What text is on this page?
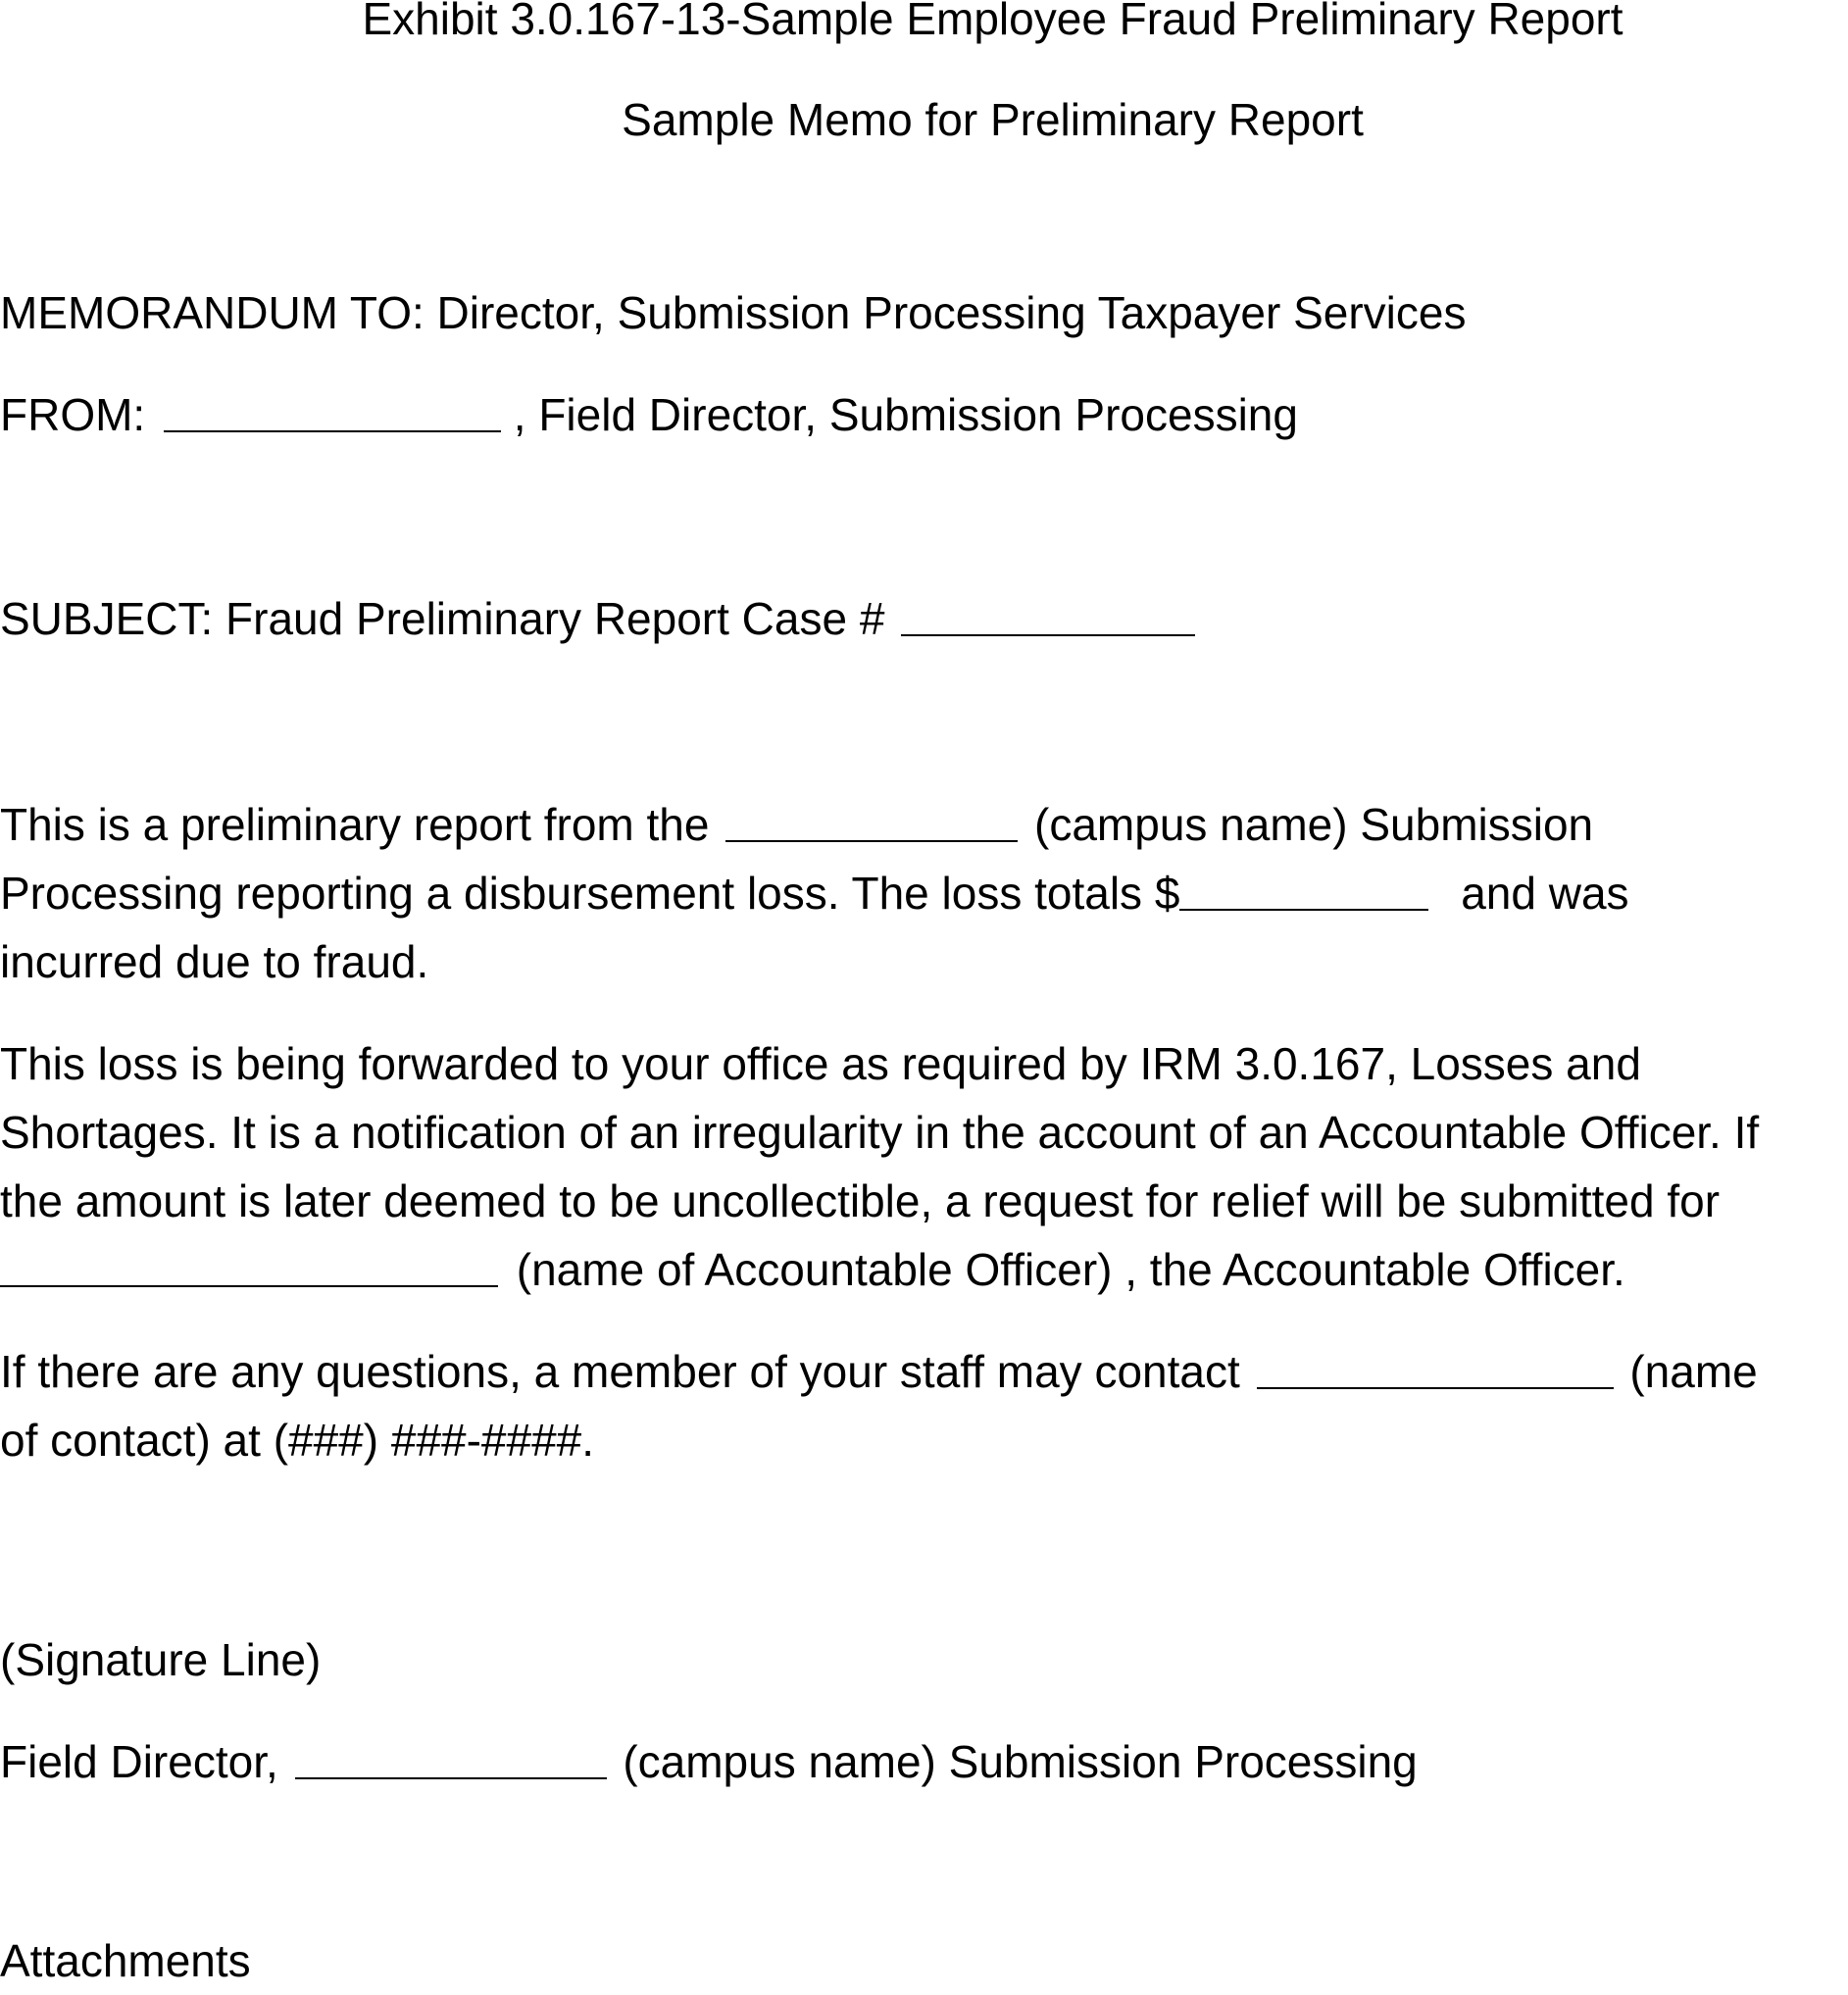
Exhibit 3.0.167-13-Sample Employee Fraud Preliminary Report
Sample Memo for Preliminary Report
MEMORANDUM TO: Director, Submission Processing Taxpayer Services
FROM:	, Field Director, Submission Processing
SUBJECT: Fraud Preliminary Report Case #
This is a preliminary report from the	(campus name) Submission
Processing reporting a disbursement loss. The loss totals $	and was
incurred due to fraud.
This loss is being forwarded to your office as required by IRM 3.0.167, Losses and
Shortages. It is a notification of an irregularity in the account of an Accountable Officer. If
the amount is later deemed to be uncollectible, a request for relief will be submitted for
(name of Accountable Officer) , the Accountable Officer.
If there are any questions, a member of your staff may contact	(name
of contact) at (###) ###-####.
(Signature Line)
Field Director,	(campus name) Submission Processing
Attachments
